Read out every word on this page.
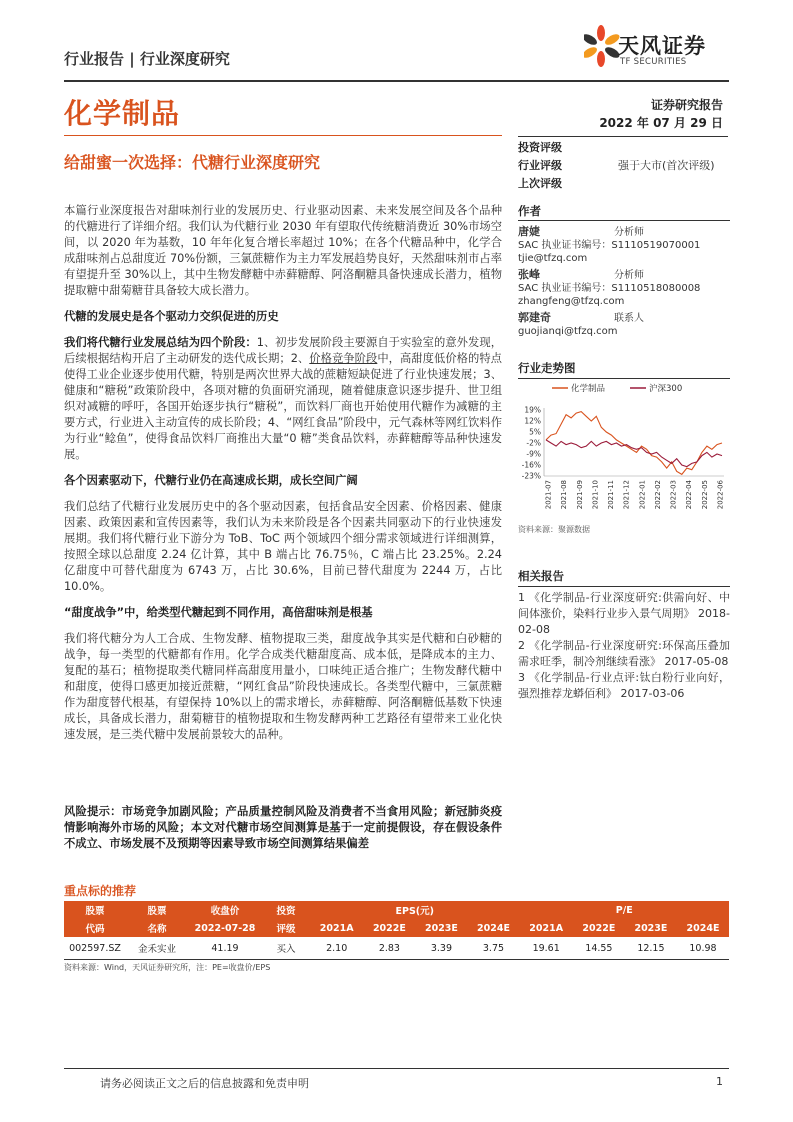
行业报告 | 行业深度研究
天风证券
TF SECURITIES
化学制品	证券研究报告
2022 年 07 月 29 日
给甜蜜一次选择：代糖行业深度研究
投资评级
行业评级	强于大市(首次评级)
上次评级
作者
唐婕	分析师
SAC 执业证书编号：S1110519070001
tjie@tfzq.com
张峰	分析师
SAC 执业证书编号：S1110518080008
zhangfeng@tfzq.com
郭建奇	联系人
guojianqi@tfzq.com
行业走势图
化学制品	沪深300
19%
12%
5%
-2%
-9%
-16%
-23%
2021-07 2021-08 2021-09 2021-10 2021-11 2021-12 2022-01 2022-02 2022-03 2022-04 2022-05 2022-06
资料来源：聚源数据
相关报告
1 《化学制品-行业深度研究:供需向好、中间体涨价，染料行业步入景气周期》 2018-02-08
2 《化学制品-行业深度研究:环保高压叠加需求旺季，制冷剂继续看涨》 2017-05-08
3 《化学制品-行业点评:钛白粉行业向好，强烈推荐龙蟒佰利》 2017-03-06

本篇行业深度报告对甜味剂行业的发展历史、行业驱动因素、未来发展空间及各个品种的代糖进行了详细介绍。我们认为代糖行业 2030 年有望取代传统糖消费近 30%市场空间，以 2020 年为基数，10 年年化复合增长率超过 10%；在各个代糖品种中，化学合成甜味剂占总甜度近 70%份额，三氯蔗糖作为主力军发展趋势良好，天然甜味剂市占率有望提升至 30%以上，其中生物发酵糖中赤藓糖醇、阿洛酮糖具备快速成长潜力，植物提取糖中甜菊糖苷具备较大成长潜力。

代糖的发展史是各个驱动力交织促进的历史

我们将代糖行业发展总结为四个阶段：1、初步发展阶段主要源自于实验室的意外发现，后续根据结构开启了主动研发的迭代成长期；2、价格竞争阶段中，高甜度低价格的特点使得工业企业逐步使用代糖，特别是两次世界大战的蔗糖短缺促进了行业快速发展；3、健康和“糖税”政策阶段中，各项对糖的负面研究涌现，随着健康意识逐步提升、世卫组织对减糖的呼吁，各国开始逐步执行“糖税”，而饮料厂商也开始使用代糖作为减糖的主要方式，行业进入主动宣传的成长阶段；4、“网红食品”阶段中，元气森林等网红饮料作为行业“鲶鱼”，使得食品饮料厂商推出大量“0 糖”类食品饮料，赤藓糖醇等品种快速发展。

各个因素驱动下，代糖行业仍在高速成长期，成长空间广阔

我们总结了代糖行业发展历史中的各个驱动因素，包括食品安全因素、价格因素、健康因素、政策因素和宣传因素等，我们认为未来阶段是各个因素共同驱动下的行业快速发展期。我们将代糖行业下游分为 ToB、ToC 两个领域四个细分需求领域进行详细测算，按照全球以总甜度 2.24 亿计算，其中 B 端占比 76.75％，C 端占比 23.25%。2.24 亿甜度中可替代甜度为 6743 万，占比 30.6%，目前已替代甜度为 2244 万，占比 10.0%。

“甜度战争”中，给类型代糖起到不同作用，高倍甜味剂是根基

我们将代糖分为人工合成、生物发酵、植物提取三类，甜度战争其实是代糖和白砂糖的战争，每一类型的代糖都有作用。化学合成类代糖甜度高、成本低，是降成本的主力、复配的基石；植物提取类代糖同样高甜度用量小，口味纯正适合推广；生物发酵代糖中和甜度，使得口感更加接近蔗糖，“网红食品”阶段快速成长。各类型代糖中，三氯蔗糖作为甜度替代根基，有望保持 10%以上的需求增长，赤藓糖醇、阿洛酮糖低基数下快速成长，具备成长潜力，甜菊糖苷的植物提取和生物发酵两种工艺路径有望带来工业化快速发展，是三类代糖中发展前景较大的品种。

风险提示：市场竞争加剧风险；产品质量控制风险及消费者不当食用风险；新冠肺炎疫情影响海外市场的风险；本文对代糖市场空间测算是基于一定前提假设，存在假设条件不成立、市场发展不及预期等因素导致市场空间测算结果偏差
重点标的推荐
股票	股票	收盘价	投资	EPS(元)				P/E			
代码	名称	2022-07-28	评级	2021A	2022E	2023E	2024E	2021A	2022E	2023E	2024E
002597.SZ	金禾实业	41.19	买入	2.10	2.83	3.39	3.75	19.61	14.55	12.15	10.98
资料来源：Wind，天风证券研究所，注：PE=收盘价/EPS
请务必阅读正文之后的信息披露和免责申明	1
